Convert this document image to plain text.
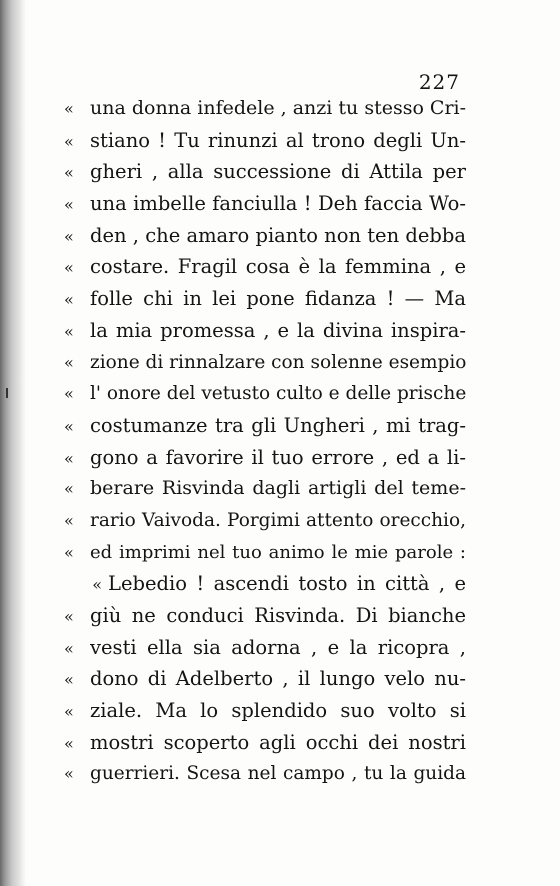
227
« una donna infedele , anzi tu stesso Cri-
« stiano ! Tu rinunzi al trono degli Un-
« gheri , alla successione di Attila per
« una imbelle fanciulla ! Deh faccia Wo-
« den , che amaro pianto non ten debba
« costare. Fragil cosa è la femmina , e
« folle chi in lei pone fidanza ! — Ma
« la mia promessa , e la divina inspira-
« zione di rinnalzare con solenne esempio
« l' onore del vetusto culto e delle prische
« costumanze tra gli Ungheri , mi trag-
« gono a favorire il tuo errore , ed a li-
« berare Risvinda dagli artigli del teme-
« rario Vaivoda. Porgimi attento orecchio,
« ed imprimi nel tuo animo le mie parole :
« Lebedio ! ascendi tosto in città , e
« giù ne conduci Risvinda. Di bianche
« vesti ella sia adorna , e la ricopra ,
« dono di Adelberto , il lungo velo nu-
« ziale. Ma lo splendido suo volto si
« mostri scoperto agli occhi dei nostri
« guerrieri. Scesa nel campo , tu la guida
